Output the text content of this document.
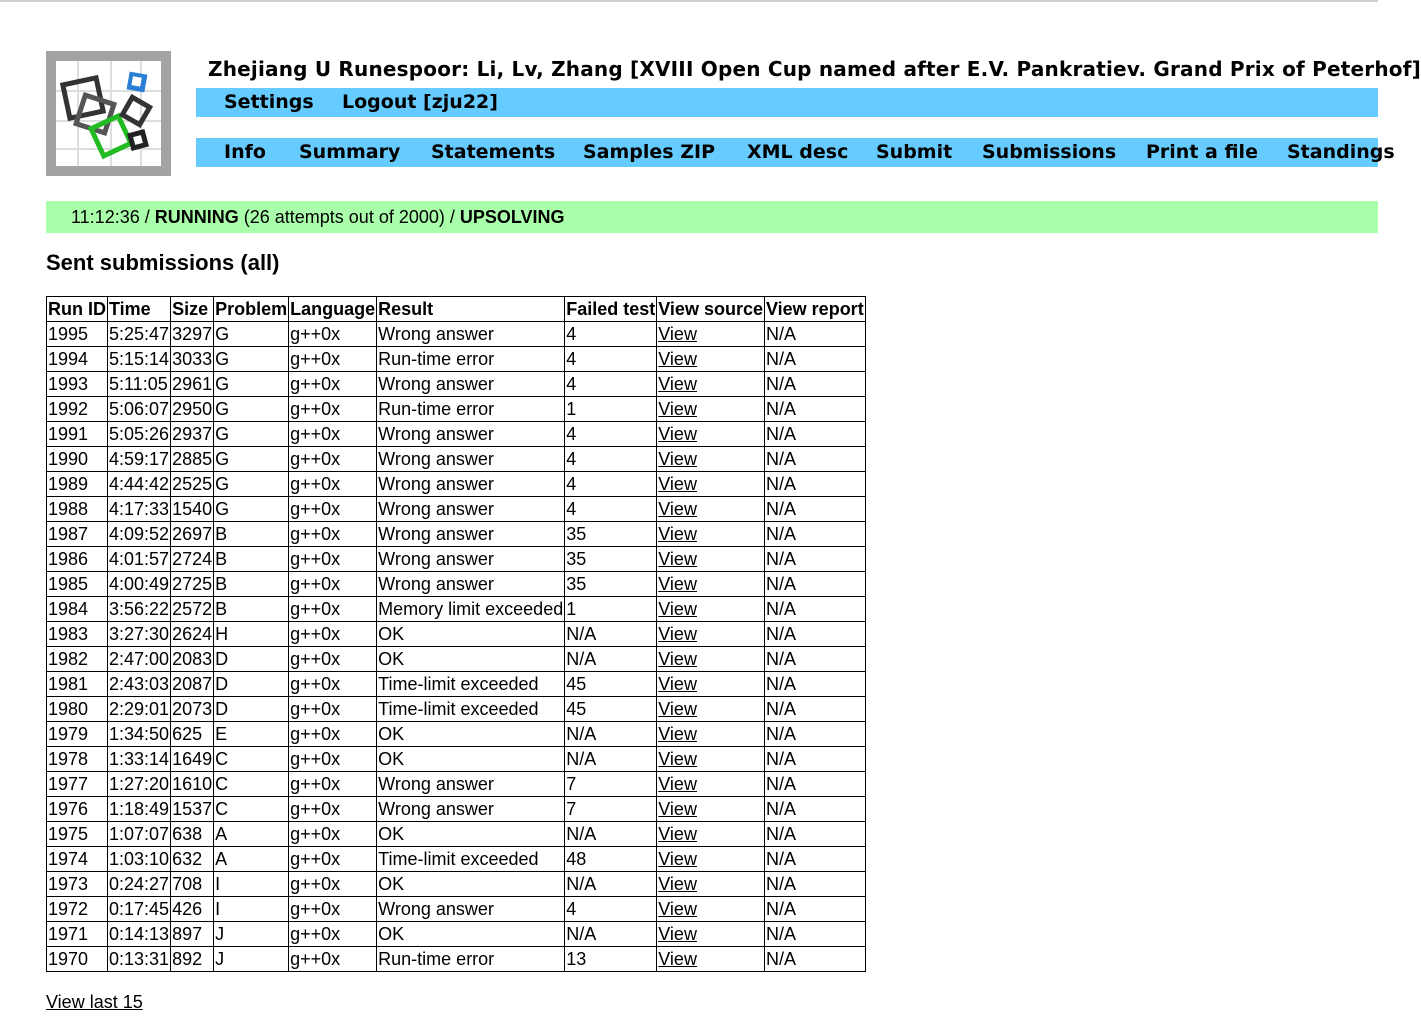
Zhejiang U Runespoor: Li, Lv, Zhang [XVIII Open Cup named after E.V. Pankratiev. Grand Prix of Peterhof]
Settings Logout [zju22]
Info Summary Statements Samples ZIP XML desc Submit Submissions Print a file Standings
11:12:36 / RUNNING (26 attempts out of 2000) / UPSOLVING
Sent submissions (all)
Run ID	Time	Size	Problem	Language	Result	Failed test	View source	View report
1995	5:25:47	3297	G	g++0x	Wrong answer	4	View	N/A
1994	5:15:14	3033	G	g++0x	Run-time error	4	View	N/A
1993	5:11:05	2961	G	g++0x	Wrong answer	4	View	N/A
1992	5:06:07	2950	G	g++0x	Run-time error	1	View	N/A
1991	5:05:26	2937	G	g++0x	Wrong answer	4	View	N/A
1990	4:59:17	2885	G	g++0x	Wrong answer	4	View	N/A
1989	4:44:42	2525	G	g++0x	Wrong answer	4	View	N/A
1988	4:17:33	1540	G	g++0x	Wrong answer	4	View	N/A
1987	4:09:52	2697	B	g++0x	Wrong answer	35	View	N/A
1986	4:01:57	2724	B	g++0x	Wrong answer	35	View	N/A
1985	4:00:49	2725	B	g++0x	Wrong answer	35	View	N/A
1984	3:56:22	2572	B	g++0x	Memory limit exceeded	1	View	N/A
1983	3:27:30	2624	H	g++0x	OK	N/A	View	N/A
1982	2:47:00	2083	D	g++0x	OK	N/A	View	N/A
1981	2:43:03	2087	D	g++0x	Time-limit exceeded	45	View	N/A
1980	2:29:01	2073	D	g++0x	Time-limit exceeded	45	View	N/A
1979	1:34:50	625	E	g++0x	OK	N/A	View	N/A
1978	1:33:14	1649	C	g++0x	OK	N/A	View	N/A
1977	1:27:20	1610	C	g++0x	Wrong answer	7	View	N/A
1976	1:18:49	1537	C	g++0x	Wrong answer	7	View	N/A
1975	1:07:07	638	A	g++0x	OK	N/A	View	N/A
1974	1:03:10	632	A	g++0x	Time-limit exceeded	48	View	N/A
1973	0:24:27	708	I	g++0x	OK	N/A	View	N/A
1972	0:17:45	426	I	g++0x	Wrong answer	4	View	N/A
1971	0:14:13	897	J	g++0x	OK	N/A	View	N/A
1970	0:13:31	892	J	g++0x	Run-time error	13	View	N/A
View last 15
